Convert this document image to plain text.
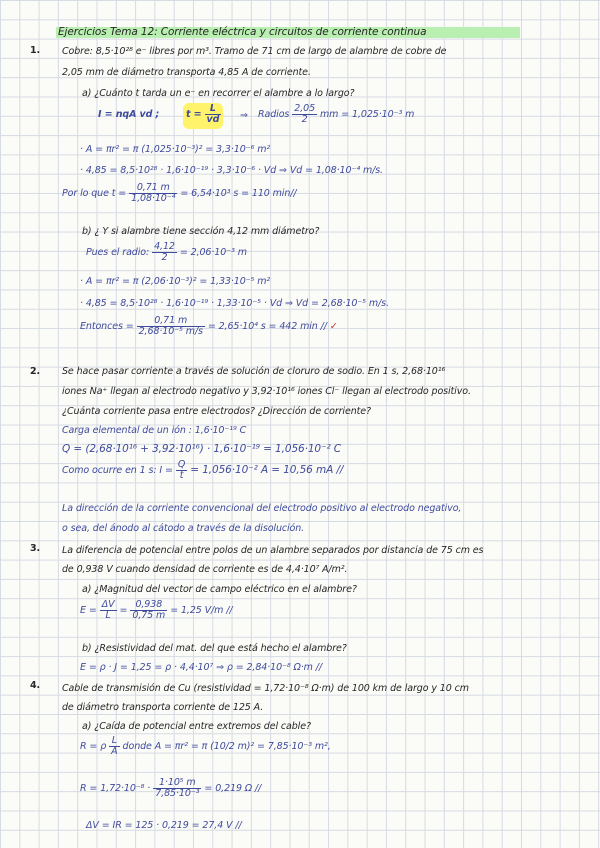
Ejercicios Tema 12: Corriente eléctrica y circuitos de corriente continua
1. Cobre: 8,5·10²⁸ e⁻ libres por m³. Tramo de 71 cm de largo de alambre de cobre de
2,05 mm de diámetro transporta 4,85 A de corriente.
a) ¿Cuánto t tarda un e⁻ en recorrer el alambre a lo largo?
I = nqA vd ;	$t = \frac{L}{vd}$ ⇒ Radios $\frac{2,05}{2}$ mm = 1,025·10⁻³ m
· A = πr² = π (1,025·10⁻³)² = 3,3·10⁻⁶ m²
· 4,85 = 8,5·10²⁸ · 1,6·10⁻¹⁹ · 3,3·10⁻⁶ · Vd ⇒ Vd = 1,08·10⁻⁴ m/s.
Por lo que $t = \frac{0,71 m}{\text{1,08·10⁻⁴}} = 6,54\cdot 10^3$ s = 110 min//
b) ¿ Y si alambre tiene sección 4,12 mm diámetro?
Pues el radio: $\frac{4,12}{2} = 2,06\cdot 10^{-3}$ m
· A = πr² = π (2,06·10⁻³)² = 1,33·10⁻⁵ m²
· 4,85 = 8,5·10²⁸ · 1,6·10⁻¹⁹ · 1,33·10⁻⁵ · Vd ⇒ Vd = 2,68·10⁻⁵ m/s.
Entonces = $\frac{0,71 m}{\text{2,68·10⁻⁵ m/s}} = 2,65\cdot 10^4$ s = 442 min // ✓
2. Se hace pasar corriente a través de solución de cloruro de sodio. En 1 s, 2,68·10¹⁶
iones Na⁺ llegan al electrodo negativo y 3,92·10¹⁶ iones Cl⁻ llegan al electrodo positivo.
¿Cuánta corriente pasa entre electrodos? ¿Dirección de corriente?
Carga elemental de un ión : 1,6·10⁻¹⁹ C
Q = (2,68·10¹⁶ + 3,92·10¹⁶) · 1,6·10⁻¹⁹ = 1,056·10⁻² C
Como ocurre en 1 s: $I = \frac{Q}{t} = 1,056\cdot 10^{-2}$ A = 10,56 mA //
La dirección de la corriente convencional del electrodo positivo al electrodo negativo,
o sea, del ánodo al cátodo a través de la disolución.
3. La diferencia de potencial entre polos de un alambre separados por distancia de 75 cm es
de 0,938 V cuando densidad de corriente es de 4,4·10⁷ A/m².
a) ¿Magnitud del vector de campo eléctrico en el alambre?
$E = \frac{\Delta V}{L} = \frac{0,938}{0,75 m} = 1,25$ V/m //
b) ¿Resistividad del mat. del que está hecho el alambre?
E = ρ · J = 1,25 = ρ · 4,4·10⁷ ⇒ ρ = 2,84·10⁻⁸ Ω·m //
4. Cable de transmisión de Cu (resistividad = 1,72·10⁻⁸ Ω·m) de 100 km de largo y 10 cm
de diámetro transporta corriente de 125 A.
a) ¿Caída de potencial entre extremos del cable?
R = ρ $\frac{L}{A}$ donde A = πr² = π (10/2 m)² = 7,85·10⁻³ m²,
$R = 1,72\cdot 10^{-8} \cdot \frac{\text{1·10⁵ m}}{\text{7,85·10⁻³}} = 0,219$ Ω //
ΔV = IR = 125 · 0,219 = 27,4 V //
